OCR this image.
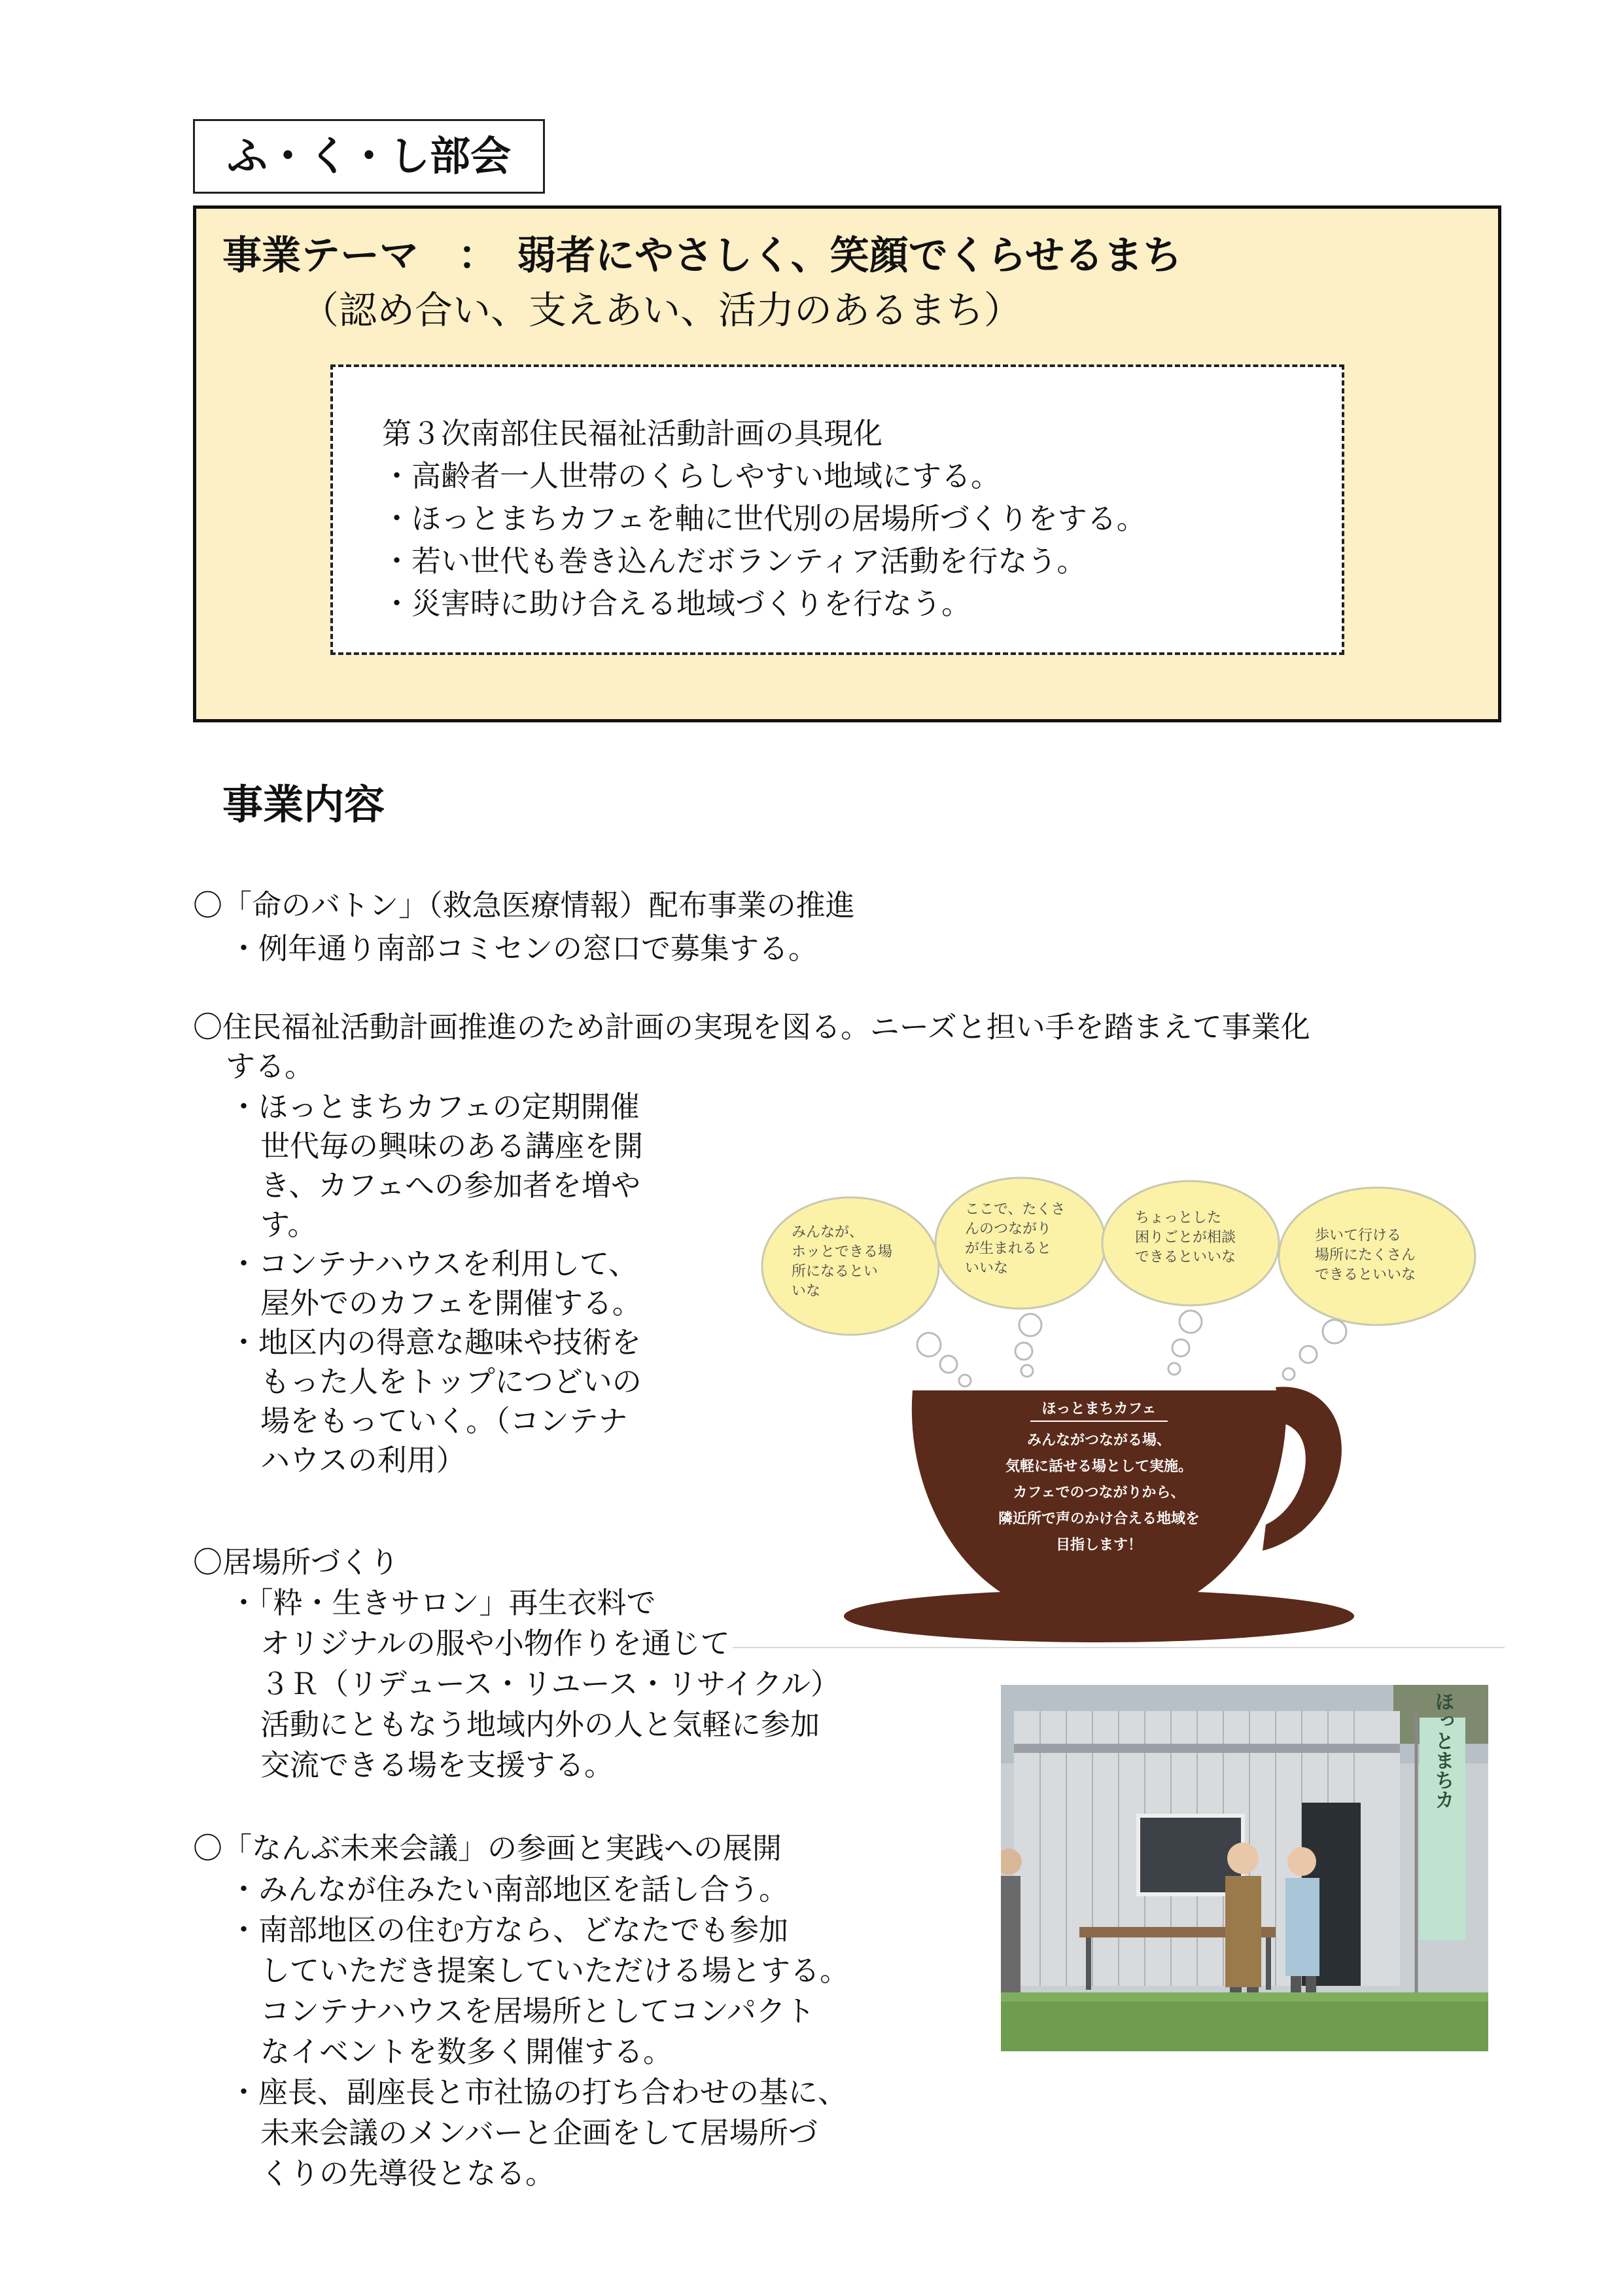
ふ・く・し部会
事業テーマ　：　弱者にやさしく、笑顔でくらせるまち
（認め合い、支えあい、活力のあるまち）
第３次南部住民福祉活動計画の具現化
・高齢者一人世帯のくらしやすい地域にする。
・ほっとまちカフェを軸に世代別の居場所づくりをする。
・若い世代も巻き込んだボランティア活動を行なう。
・災害時に助け合える地域づくりを行なう。
事業内容
〇「命のバトン」（救急医療情報）配布事業の推進
・例年通り南部コミセンの窓口で募集する。
〇住民福祉活動計画推進のため計画の実現を図る。ニーズと担い手を踏まえて事業化
する。
・ほっとまちカフェの定期開催
世代毎の興味のある講座を開
き、カフェへの参加者を増や
す。
・コンテナハウスを利用して、
屋外でのカフェを開催する。
・地区内の得意な趣味や技術を
もった人をトップにつどいの
場をもっていく。（コンテナ
ハウスの利用）
〇居場所づくり
・「粋・生きサロン」再生衣料で
オリジナルの服や小物作りを通じて
３Ｒ（リデュース・リユース・リサイクル）
活動にともなう地域内外の人と気軽に参加
交流できる場を支援する。
〇「なんぶ未来会議」の参画と実践への展開
・みんなが住みたい南部地区を話し合う。
・南部地区の住む方なら、どなたでも参加
していただき提案していただける場とする。
コンテナハウスを居場所としてコンパクト
なイベントを数多く開催する。
・座長、副座長と市社協の打ち合わせの基に、
未来会議のメンバーと企画をして居場所づ
くりの先導役となる。
みんなが、
ホッとできる場
所になるとい
いな
ここで、たくさ
んのつながり
が生まれると
いいな
ちょっとした
困りごとが相談
できるといいな
歩いて行ける
場所にたくさん
できるといいな
ほっとまちカフェ
みんながつながる場、
気軽に話せる場として実施。
カフェでのつながりから、
隣近所で声のかけ合える地域を
目指します！
ほっとまちカ
